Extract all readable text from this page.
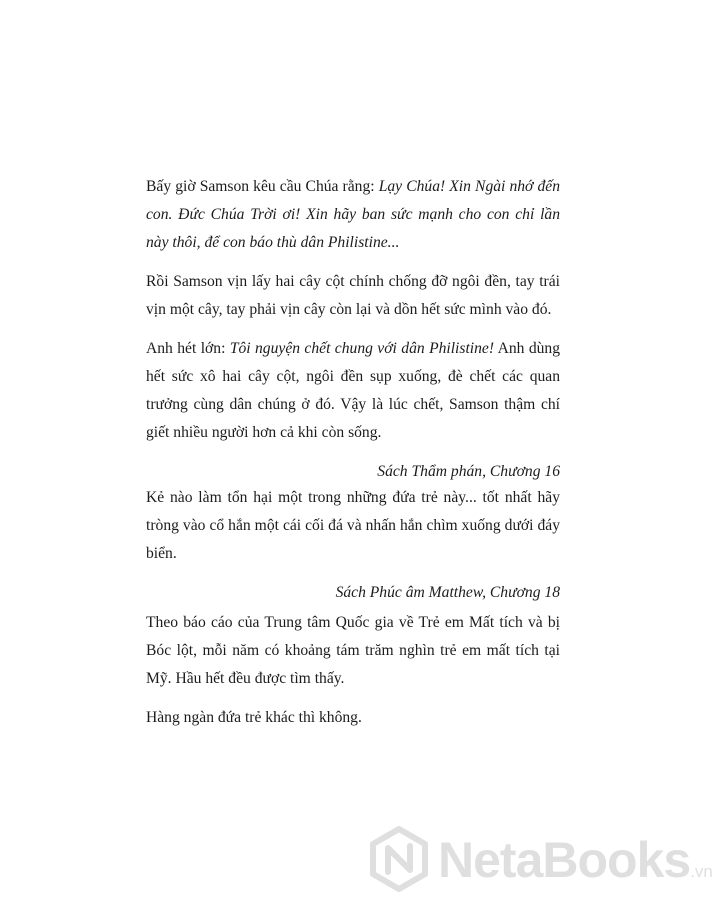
Bấy giờ Samson kêu cầu Chúa rằng: Lạy Chúa! Xin Ngài nhớ đến con. Đức Chúa Trời ơi! Xin hãy ban sức mạnh cho con chỉ lần này thôi, để con báo thù dân Philistine...

Rồi Samson vịn lấy hai cây cột chính chống đỡ ngôi đền, tay trái vịn một cây, tay phải vịn cây còn lại và dồn hết sức mình vào đó.

Anh hét lớn: Tôi nguyện chết chung với dân Philistine! Anh dùng hết sức xô hai cây cột, ngôi đền sụp xuống, đè chết các quan trưởng cùng dân chúng ở đó. Vậy là lúc chết, Samson thậm chí giết nhiều người hơn cả khi còn sống.

Sách Thẩm phán, Chương 16

Kẻ nào làm tổn hại một trong những đứa trẻ này... tốt nhất hãy tròng vào cổ hắn một cái cối đá và nhấn hắn chìm xuống dưới đáy biển.

Sách Phúc âm Matthew, Chương 18

Theo báo cáo của Trung tâm Quốc gia về Trẻ em Mất tích và bị Bóc lột, mỗi năm có khoảng tám trăm nghìn trẻ em mất tích tại Mỹ. Hầu hết đều được tìm thấy.

Hàng ngàn đứa trẻ khác thì không.

NetaBooks.vn
